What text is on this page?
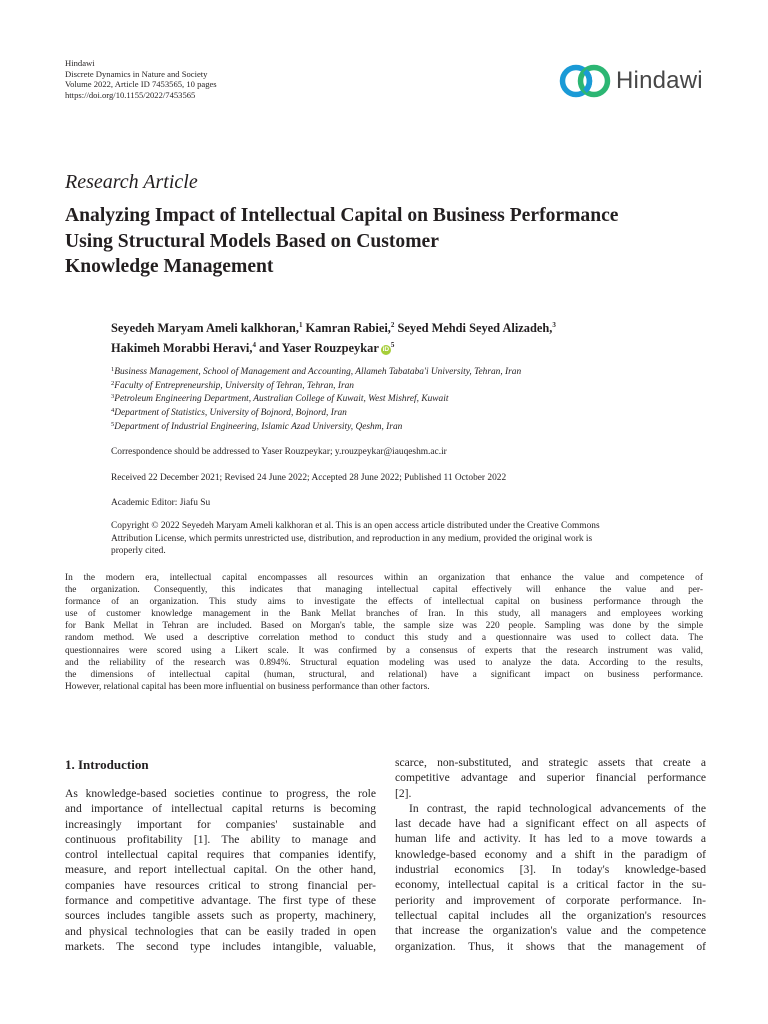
Hindawi
Discrete Dynamics in Nature and Society
Volume 2022, Article ID 7453565, 10 pages
https://doi.org/10.1155/2022/7453565
Hindawi
Research Article
Analyzing Impact of Intellectual Capital on Business Performance
Using Structural Models Based on Customer
Knowledge Management
Seyedeh Maryam Ameli kalkhoran,$^1$ Kamran Rabiei,$^2$ Seyed Mehdi Seyed Alizadeh,$^3$
Hakimeh Morabbi Heravi,$^4$ and Yaser Rouzpeykar $iD^5$
$^1$Business Management, School of Management and Accounting, Allameh Tabataba'i University, Tehran, Iran
$^2$Faculty of Entrepreneurship, University of Tehran, Tehran, Iran
$^3$Petroleum Engineering Department, Australian College of Kuwait, West Mishref, Kuwait
$^4$Department of Statistics, University of Bojnord, Bojnord, Iran
$^5$Department of Industrial Engineering, Islamic Azad University, Qeshm, Iran
Correspondence should be addressed to Yaser Rouzpeykar; y.rouzpeykar@iauqeshm.ac.ir
Received 22 December 2021; Revised 24 June 2022; Accepted 28 June 2022; Published 11 October 2022
Academic Editor: Jiafu Su
Copyright © 2022 Seyedeh Maryam Ameli kalkhoran et al. This is an open access article distributed under the Creative Commons
Attribution License, which permits unrestricted use, distribution, and reproduction in any medium, provided the original work is
properly cited.
In the modern era, intellectual capital encompasses all resources within an organization that enhance the value and competence of
the organization. Consequently, this indicates that managing intellectual capital effectively will enhance the value and per-
formance of an organization. This study aims to investigate the effects of intellectual capital on business performance through the
use of customer knowledge management in the Bank Mellat branches of Iran. In this study, all managers and employees working
for Bank Mellat in Tehran are included. Based on Morgan's table, the sample size was 220 people. Sampling was done by the simple
random method. We used a descriptive correlation method to conduct this study and a questionnaire was used to collect data. The
questionnaires were scored using a Likert scale. It was confirmed by a consensus of experts that the research instrument was valid,
and the reliability of the research was 0.894%. Structural equation modeling was used to analyze the data. According to the results,
the dimensions of intellectual capital (human, structural, and relational) have a significant impact on business performance.
However, relational capital has been more influential on business performance than other factors.
1. Introduction
As knowledge-based societies continue to progress, the role
and importance of intellectual capital returns is becoming
increasingly important for companies' sustainable and
continuous profitability [1]. The ability to manage and
control intellectual capital requires that companies identify,
measure, and report intellectual capital. On the other hand,
companies have resources critical to strong financial per-
formance and competitive advantage. The first type of these
sources includes tangible assets such as property, machinery,
and physical technologies that can be easily traded in open
markets. The second type includes intangible, valuable,
scarce, non-substituted, and strategic assets that create a
competitive advantage and superior financial performance
[2].
In contrast, the rapid technological advancements of the
last decade have had a significant effect on all aspects of
human life and activity. It has led to a move towards a
knowledge-based economy and a shift in the paradigm of
industrial economics [3]. In today's knowledge-based
economy, intellectual capital is a critical factor in the su-
periority and improvement of corporate performance. In-
tellectual capital includes all the organization's resources
that increase the organization's value and the competence
organization. Thus, it shows that the management of
